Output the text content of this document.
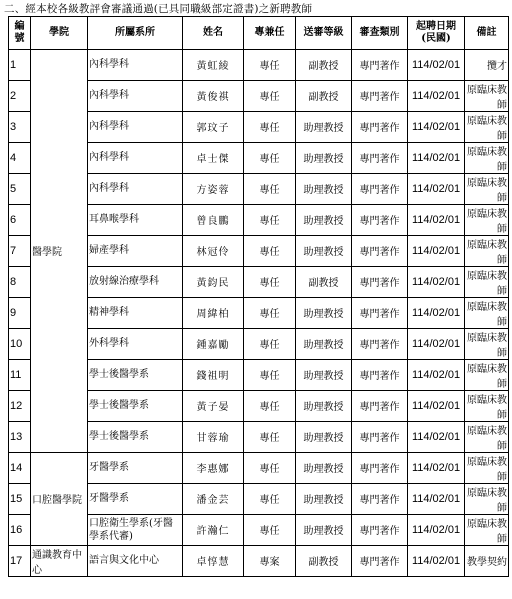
二、經本校各級教評會審議通過(已具同職級部定證書)之新聘教師
編號	學院	所屬系所	姓名	專兼任	送審等級	審查類別	起聘日期(民國)	備註
1	醫學院	內科學科	黃虹綾	專任	副教授	專門著作	114/02/01	攬才
2		內科學科	黃俊祺	專任	副教授	專門著作	114/02/01	原臨床教師
3		內科學科	郭玟子	專任	助理教授	專門著作	114/02/01	原臨床教師
4		內科學科	卓士傑	專任	助理教授	專門著作	114/02/01	原臨床教師
5		內科學科	方姿蓉	專任	助理教授	專門著作	114/02/01	原臨床教師
6		耳鼻喉學科	曾良鵬	專任	助理教授	專門著作	114/02/01	原臨床教師
7		婦產學科	林冠伶	專任	助理教授	專門著作	114/02/01	原臨床教師
8		放射線治療學科	黃鈞民	專任	副教授	專門著作	114/02/01	原臨床教師
9		精神學科	周緯柏	專任	助理教授	專門著作	114/02/01	原臨床教師
10		外科學科	鍾嘉勵	專任	助理教授	專門著作	114/02/01	原臨床教師
11		學士後醫學系	錢祖明	專任	助理教授	專門著作	114/02/01	原臨床教師
12		學士後醫學系	黃子晏	專任	助理教授	專門著作	114/02/01	原臨床教師
13		學士後醫學系	甘蓉瑜	專任	助理教授	專門著作	114/02/01	原臨床教師
14	口腔醫學院	牙醫學系	李惠娜	專任	助理教授	專門著作	114/02/01	原臨床教師
15		牙醫學系	潘金芸	專任	助理教授	專門著作	114/02/01	原臨床教師
16		口腔衛生學系(牙醫學系代審)	許瀚仁	專任	助理教授	專門著作	114/02/01	原臨床教師
17	通識教育中心	語言與文化中心	卓惇慧	專案	副教授	專門著作	114/02/01	教學契約
